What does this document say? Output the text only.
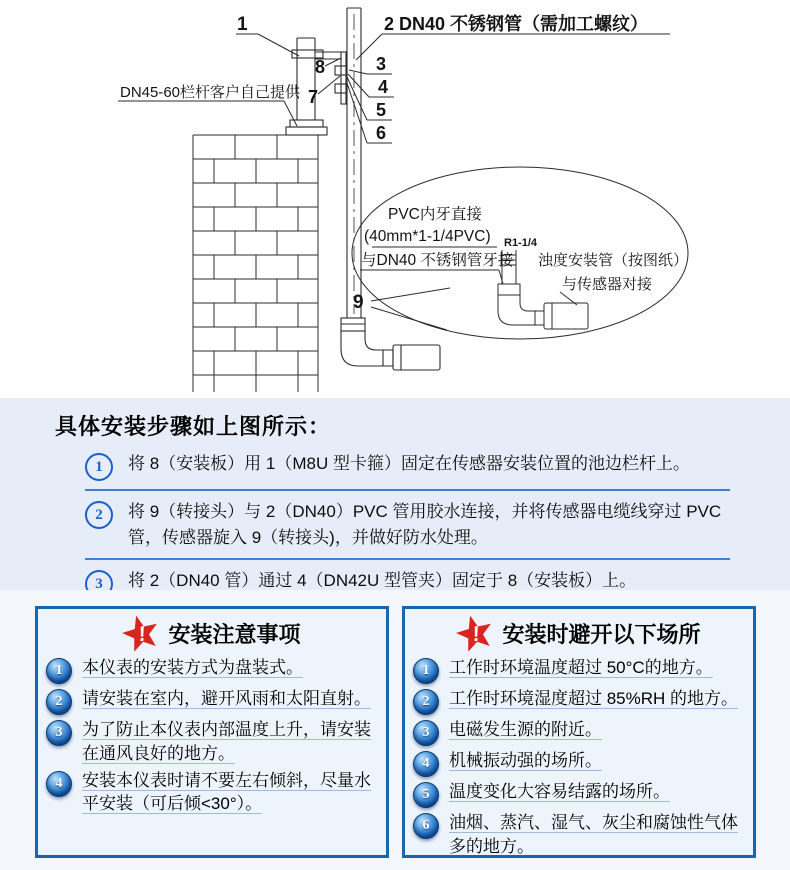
1
8	3
4
5
6
7
9
2 DN40 不锈钢管（需加工螺纹）
DN45-60栏杆客户自己提供
PVC内牙直接
(40mm*1-1/4PVC)
与DN40 不锈钢管牙接
R1-1/4
浊度安装管（按图纸）
与传感器对接
具体安装步骤如上图所示：
1	将 8（安装板）用 1（M8U 型卡箍）固定在传感器安装位置的池边栏杆上。

2	将 9（转接头）与 2（DN40）PVC 管用胶水连接，并将传感器电缆线穿过 PVC 管，传感器旋入 9（转接头)，并做好防水处理。

3	将 2（DN40 管）通过 4（DN42U 型管夹）固定于 8（安装板）上。

! 安装注意事项
1	本仪表的安装方式为盘装式。
2	请安装在室内，避开风雨和太阳直射。
3	为了防止本仪表内部温度上升，请安装在通风良好的地方。
4	安装本仪表时请不要左右倾斜，尽量水平安装（可后倾<30°）。
! 安装时避开以下场所
1	工作时环境温度超过 50°C的地方。
2	工作时环境湿度超过 85%RH 的地方。
3	电磁发生源的附近。
4	机械振动强的场所。
5	温度变化大容易结露的场所。
6	油烟、蒸汽、湿气、灰尘和腐蚀性气体多的地方。
